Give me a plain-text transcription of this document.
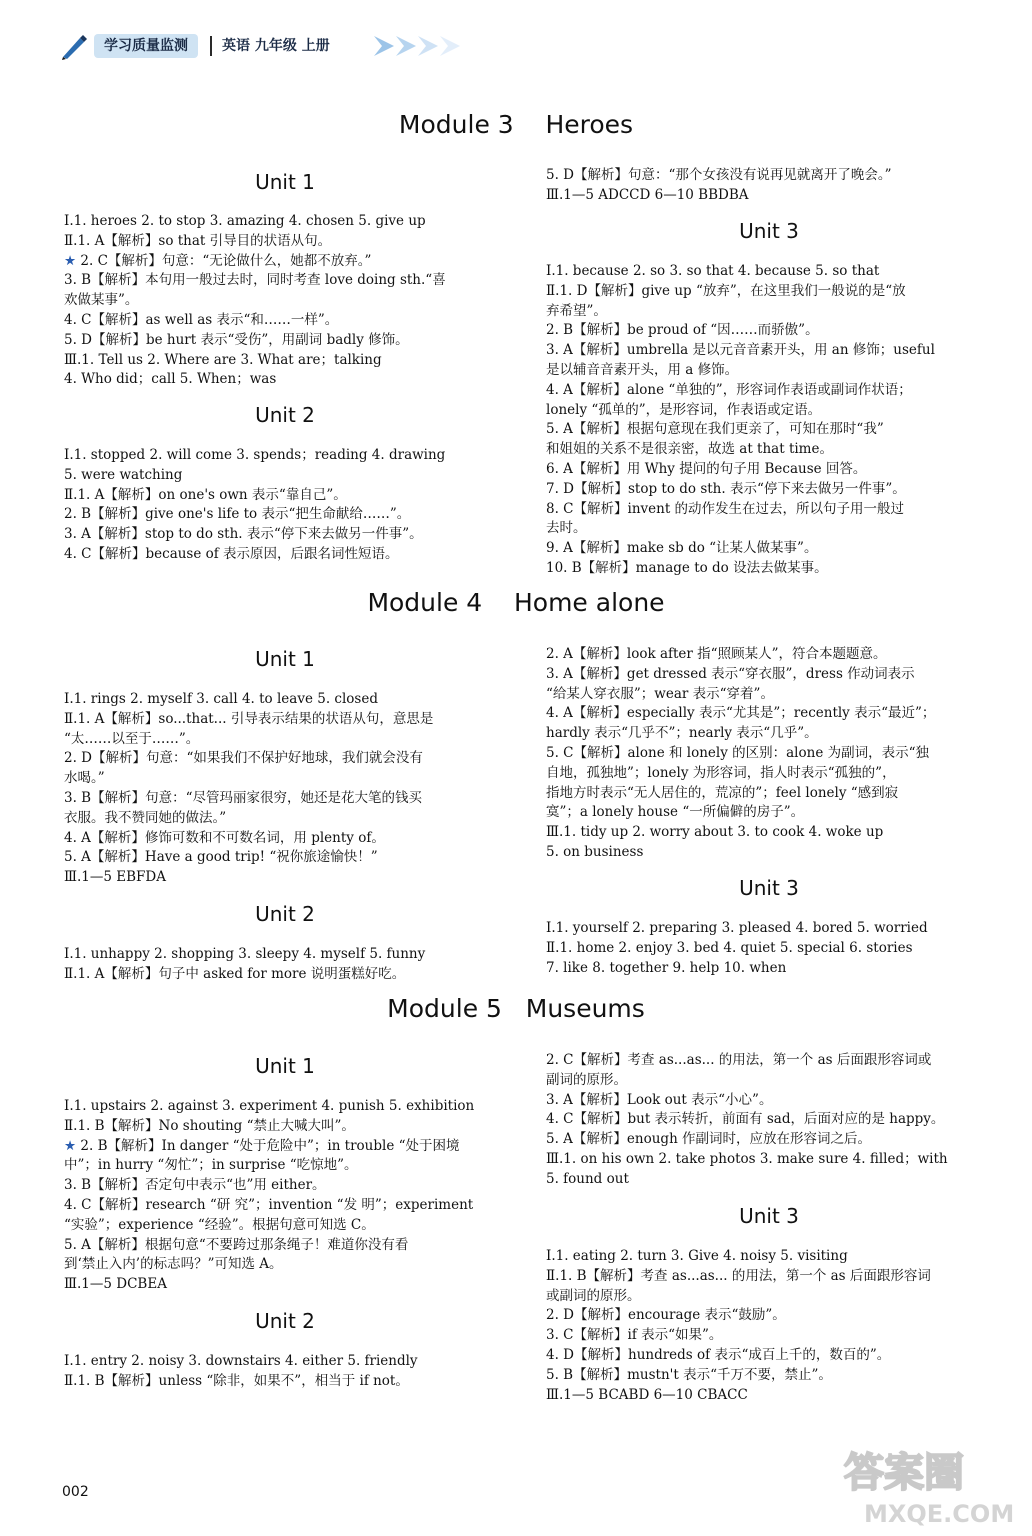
学习质量监测	英语 九年级 上册
Module 3    Heroes
Unit 1
Ⅰ.1. heroes 2. to stop 3. amazing 4. chosen 5. give up
Ⅱ.1. A【解析】so that 引导目的状语从句。
★ 2. C【解析】句意：“无论做什么，她都不放弃。”
3. B【解析】本句用一般过去时，同时考查 love doing sth.“喜
欢做某事”。
4. C【解析】as well as 表示“和……一样”。
5. D【解析】be hurt 表示“受伤”，用副词 badly 修饰。
Ⅲ.1. Tell us 2. Where are 3. What are；talking
4. Who did；call 5. When；was
Unit 2
Ⅰ.1. stopped 2. will come 3. spends；reading 4. drawing
5. were watching
Ⅱ.1. A【解析】on one's own 表示“靠自己”。
2. B【解析】give one's life to 表示“把生命献给……”。
3. A【解析】stop to do sth. 表示“停下来去做另一件事”。
4. C【解析】because of 表示原因，后跟名词性短语。
5. D【解析】句意：“那个女孩没有说再见就离开了晚会。”
Ⅲ.1—5 ADCCD 6—10 BBDBA
Unit 3
Ⅰ.1. because 2. so 3. so that 4. because 5. so that
Ⅱ.1. D【解析】give up “放弃”，在这里我们一般说的是“放
弃希望”。
2. B【解析】be proud of “因……而骄傲”。
3. A【解析】umbrella 是以元音音素开头，用 an 修饰；useful
是以辅音音素开头，用 a 修饰。
4. A【解析】alone “单独的”，形容词作表语或副词作状语；
lonely “孤单的”，是形容词，作表语或定语。
5. A【解析】根据句意现在我们更亲了，可知在那时“我”
和姐姐的关系不是很亲密，故选 at that time。
6. A【解析】用 Why 提问的句子用 Because 回答。
7. D【解析】stop to do sth. 表示“停下来去做另一件事”。
8. C【解析】invent 的动作发生在过去，所以句子用一般过
去时。
9. A【解析】make sb do “让某人做某事”。
10. B【解析】manage to do 设法去做某事。
Module 4    Home alone
Unit 1
Ⅰ.1. rings 2. myself 3. call 4. to leave 5. closed
Ⅱ.1. A【解析】so...that... 引导表示结果的状语从句，意思是
“太……以至于……”。
2. D【解析】句意：“如果我们不保护好地球，我们就会没有
水喝。”
3. B【解析】句意：“尽管玛丽家很穷，她还是花大笔的钱买
衣服。我不赞同她的做法。”
4. A【解析】修饰可数和不可数名词，用 plenty of。
5. A【解析】Have a good trip! “祝你旅途愉快！”
Ⅲ.1—5 EBFDA
Unit 2
Ⅰ.1. unhappy 2. shopping 3. sleepy 4. myself 5. funny
Ⅱ.1. A【解析】句子中 asked for more 说明蛋糕好吃。
2. A【解析】look after 指“照顾某人”，符合本题题意。
3. A【解析】get dressed 表示“穿衣服”，dress 作动词表示
“给某人穿衣服”；wear 表示“穿着”。
4. A【解析】especially 表示“尤其是”；recently 表示“最近”；
hardly 表示“几乎不”；nearly 表示“几乎”。
5. C【解析】alone 和 lonely 的区别：alone 为副词，表示“独
自地，孤独地”；lonely 为形容词，指人时表示“孤独的”，
指地方时表示“无人居住的，荒凉的”；feel lonely “感到寂
寞”；a lonely house “一所偏僻的房子”。
Ⅲ.1. tidy up 2. worry about 3. to cook 4. woke up
5. on business
Unit 3
Ⅰ.1. yourself 2. preparing 3. pleased 4. bored 5. worried
Ⅱ.1. home 2. enjoy 3. bed 4. quiet 5. special 6. stories
7. like 8. together 9. help 10. when
Module 5   Museums
Unit 1
Ⅰ.1. upstairs 2. against 3. experiment 4. punish 5. exhibition
Ⅱ.1. B【解析】No shouting “禁止大喊大叫”。
★ 2. B【解析】In danger “处于危险中”；in trouble “处于困境
中”；in hurry “匆忙”；in surprise “吃惊地”。
3. B【解析】否定句中表示“也”用 either。
4. C【解析】research “研 究”；invention “发 明”；experiment
“实验”；experience “经验”。根据句意可知选 C。
5. A【解析】根据句意“不要跨过那条绳子！难道你没有看
到‘禁止入内’的标志吗？”可知选 A。
Ⅲ.1—5 DCBEA
Unit 2
Ⅰ.1. entry 2. noisy 3. downstairs 4. either 5. friendly
Ⅱ.1. B【解析】unless “除非，如果不”，相当于 if not。
2. C【解析】考查 as...as... 的用法，第一个 as 后面跟形容词或
副词的原形。
3. A【解析】Look out 表示“小心”。
4. C【解析】but 表示转折，前面有 sad，后面对应的是 happy。
5. A【解析】enough 作副词时，应放在形容词之后。
Ⅲ.1. on his own 2. take photos 3. make sure 4. filled；with
5. found out
Unit 3
Ⅰ.1. eating 2. turn 3. Give 4. noisy 5. visiting
Ⅱ.1. B【解析】考查 as...as... 的用法，第一个 as 后面跟形容词
或副词的原形。
2. D【解析】encourage 表示“鼓励”。
3. C【解析】if 表示“如果”。
4. D【解析】hundreds of 表示“成百上千的，数百的”。
5. B【解析】mustn't 表示“千万不要，禁止”。
Ⅲ.1—5 BCABD 6—10 CBACC
002	答案圈
MXQE.COM
